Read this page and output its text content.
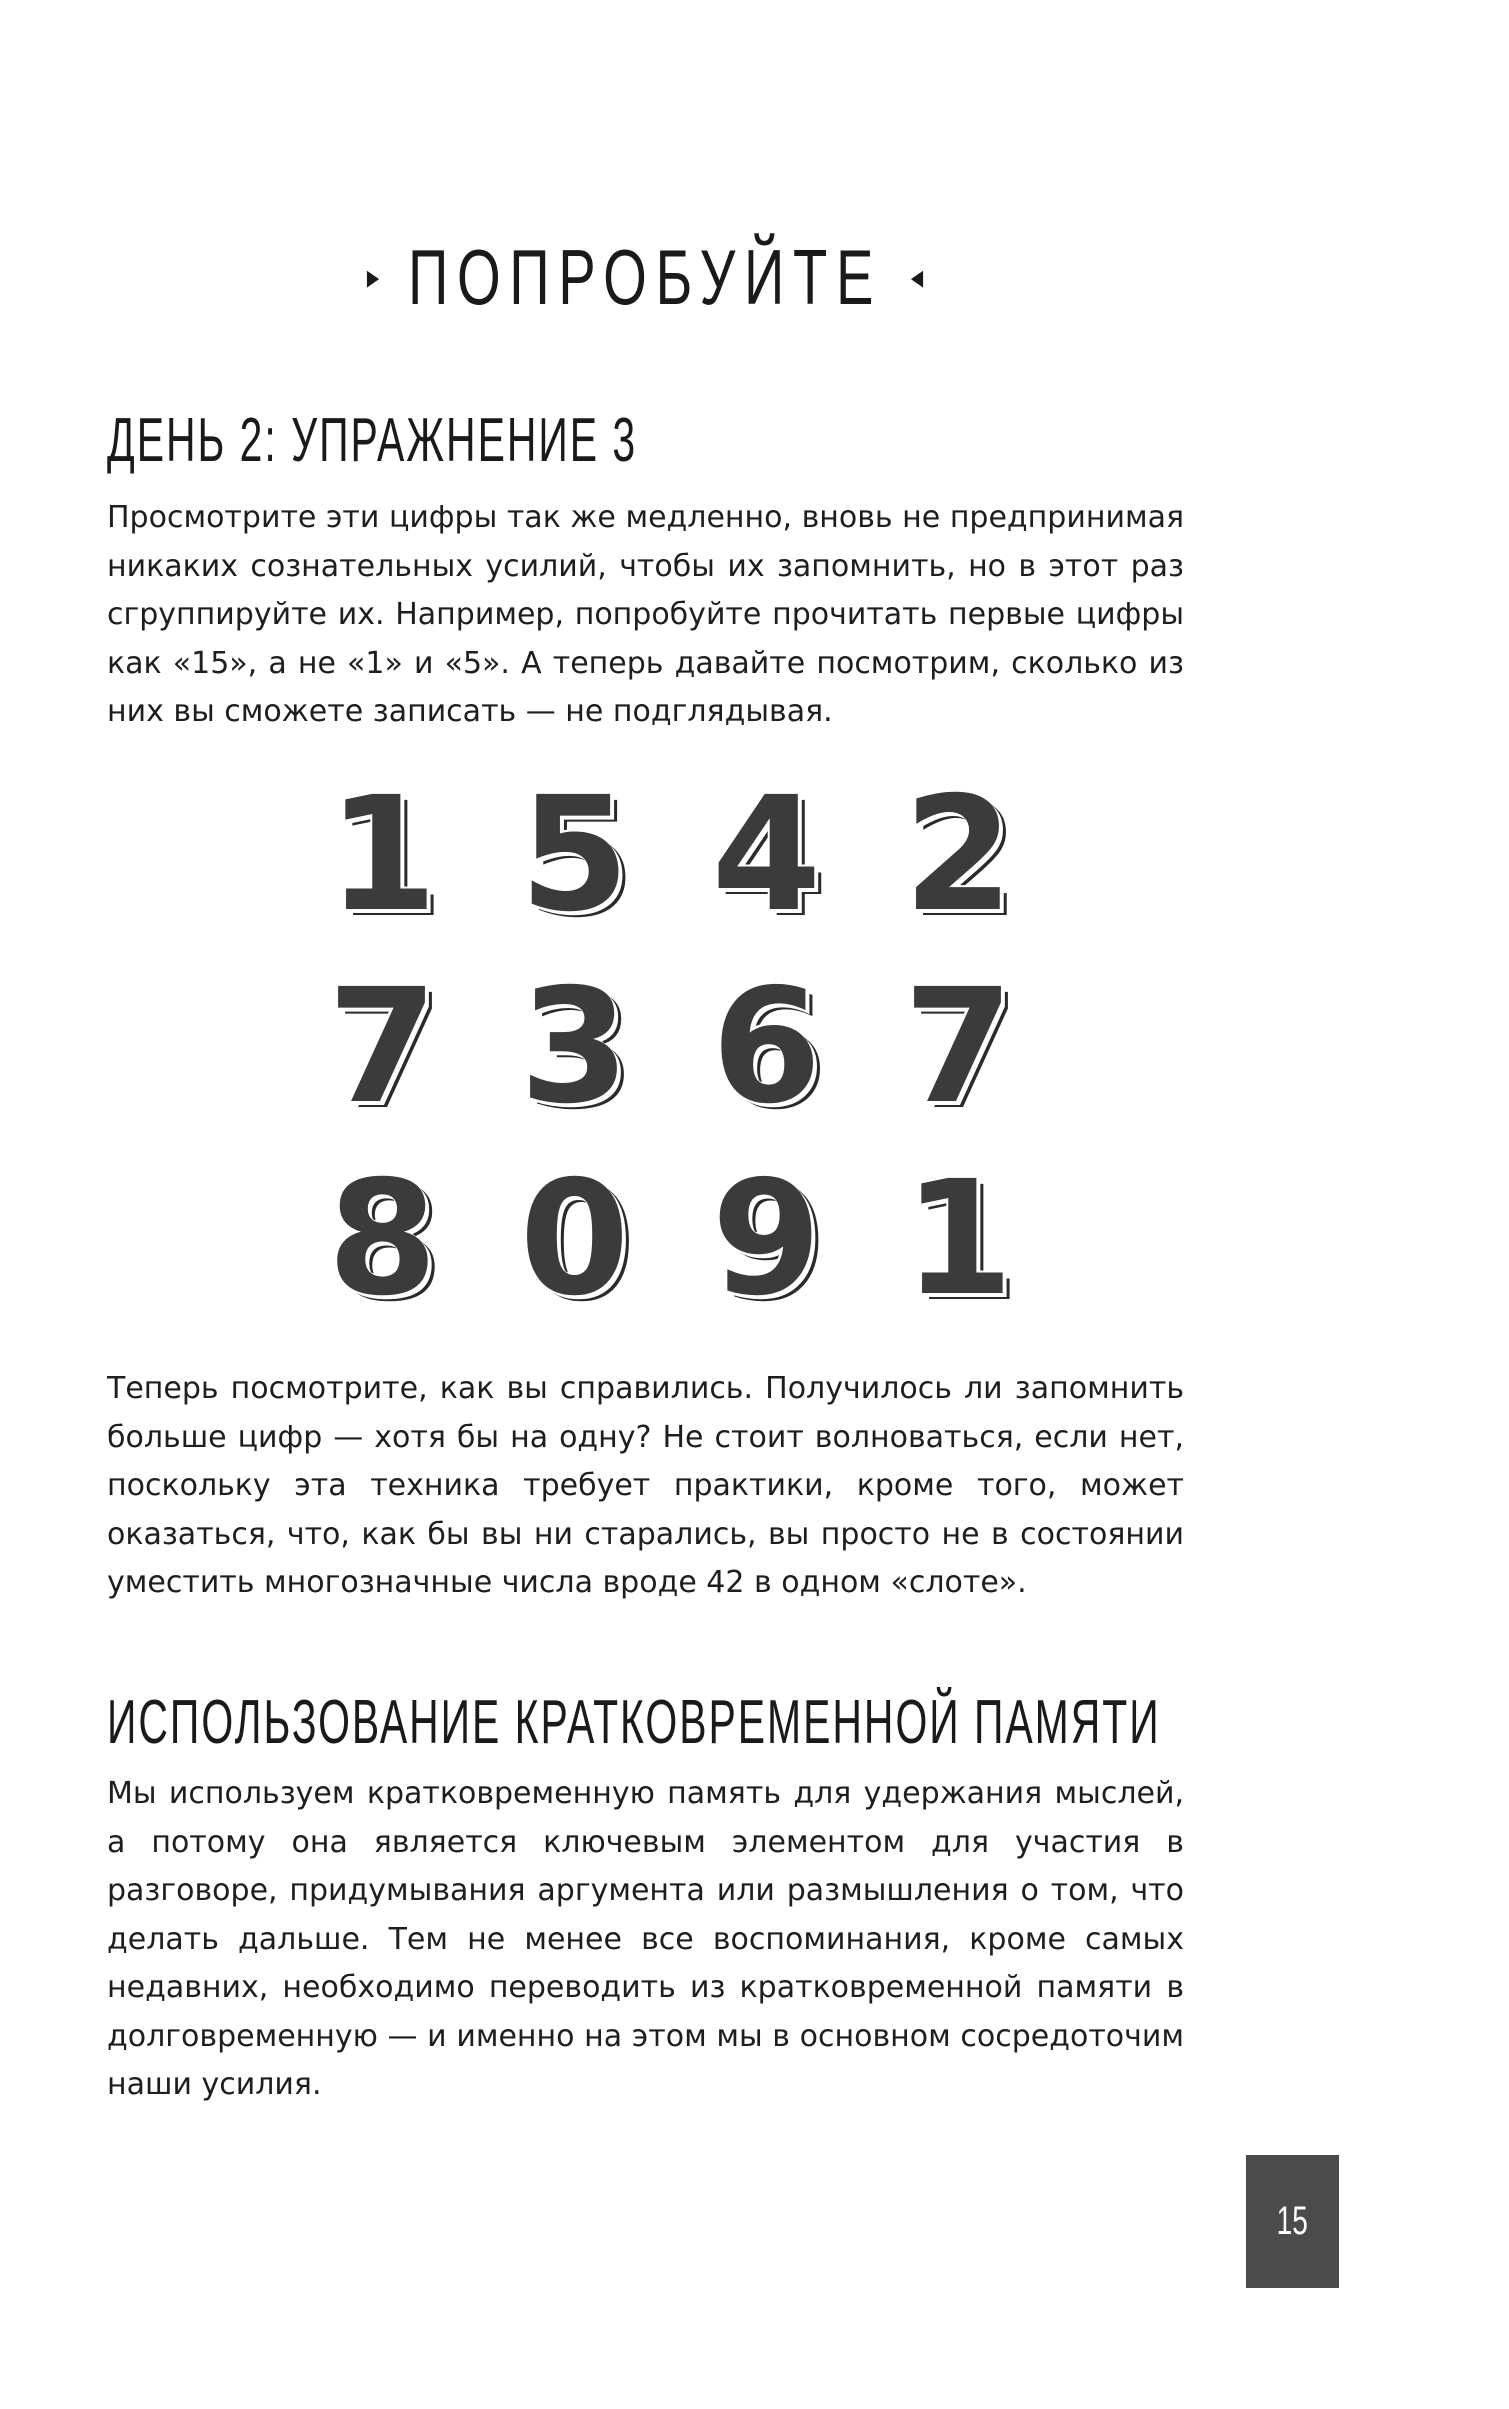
▸ ПОПРОБУЙТЕ ◂
ДЕНЬ 2: УПРАЖНЕНИЕ 3

Просмотрите эти цифры так же медленно, вновь не предпринимая никаких сознательных усилий, чтобы их запомнить, но в этот раз сгруппируйте их. Например, попробуйте прочитать первые цифры как «15», а не «1» и «5». А теперь давайте посмотрим, сколько из них вы сможете записать — не подглядывая.

1 5 4 2
7 3 6 7
8 0 9 1

Теперь посмотрите, как вы справились. Получилось ли запомнить больше цифр — хотя бы на одну? Не стоит волноваться, если нет, поскольку эта техника требует практики, кроме того, может оказаться, что, как бы вы ни старались, вы просто не в состоянии уместить многозначные числа вроде 42 в одном «слоте».

ИСПОЛЬЗОВАНИЕ КРАТКОВРЕМЕННОЙ ПАМЯТИ

Мы используем кратковременную память для удержания мыслей, а потому она является ключевым элементом для участия в разговоре, придумывания аргумента или размышления о том, что делать дальше. Тем не менее все воспоминания, кроме самых недавних, необходимо переводить из кратковременной памяти в долговременную — и именно на этом мы в основном сосредоточим наши усилия.

15
